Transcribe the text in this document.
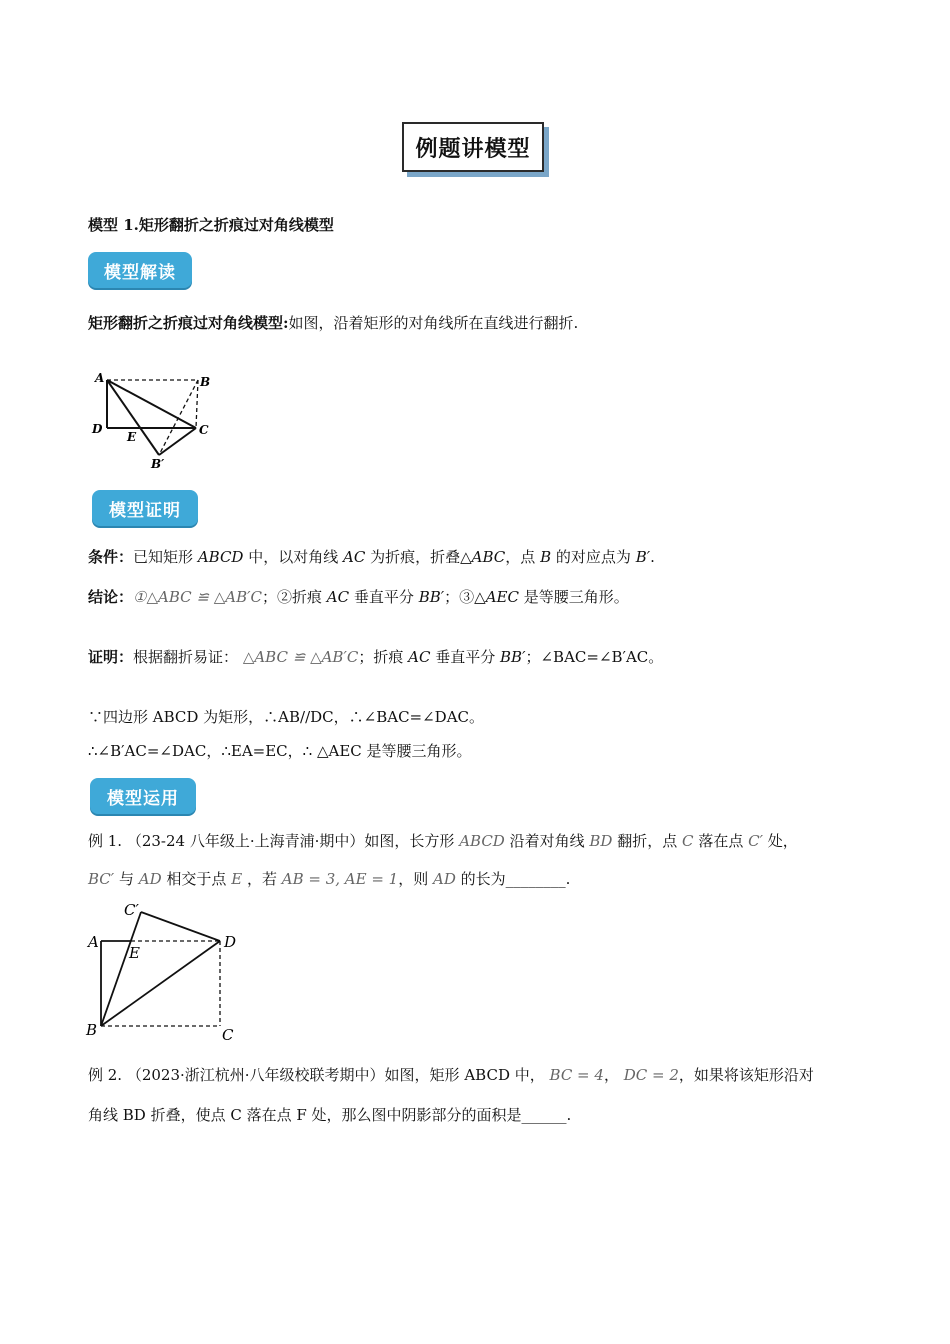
例题讲模型
模型 1.矩形翻折之折痕过对角线模型
模型解读
矩形翻折之折痕过对角线模型:如图，沿着矩形的对角线所在直线进行翻折.
A	B
C
D
E
B′
模型证明
条件：已知矩形 ABCD 中，以对角线 AC 为折痕，折叠△ABC，点 B 的对应点为 B′.
结论：①△ABC ≌ △AB′C；②折痕 AC 垂直平分 BB′；③△AEC 是等腰三角形。
证明：根据翻折易证： △ABC ≌ △AB′C；折痕 AC 垂直平分 BB′；∠BAC=∠B′AC。
∵四边形 ABCD 为矩形，∴AB//DC，∴∠BAC=∠DAC。
∴∠B′AC=∠DAC，∴EA=EC，∴ △AEC 是等腰三角形。
模型运用
例 1. （23-24 八年级上·上海青浦·期中）如图，长方形 ABCD 沿着对角线 BD 翻折，点 C 落在点 C′ 处，
BC′ 与 AD 相交于点 E ，若 AB = 3, AE = 1，则 AD 的长为________.
A
B	C
D
E
C′
例 2. （2023·浙江杭州·八年级校联考期中）如图，矩形 ABCD 中， BC = 4， DC = 2，如果将该矩形沿对
角线 BD 折叠，使点 C 落在点 F 处，那么图中阴影部分的面积是______.
